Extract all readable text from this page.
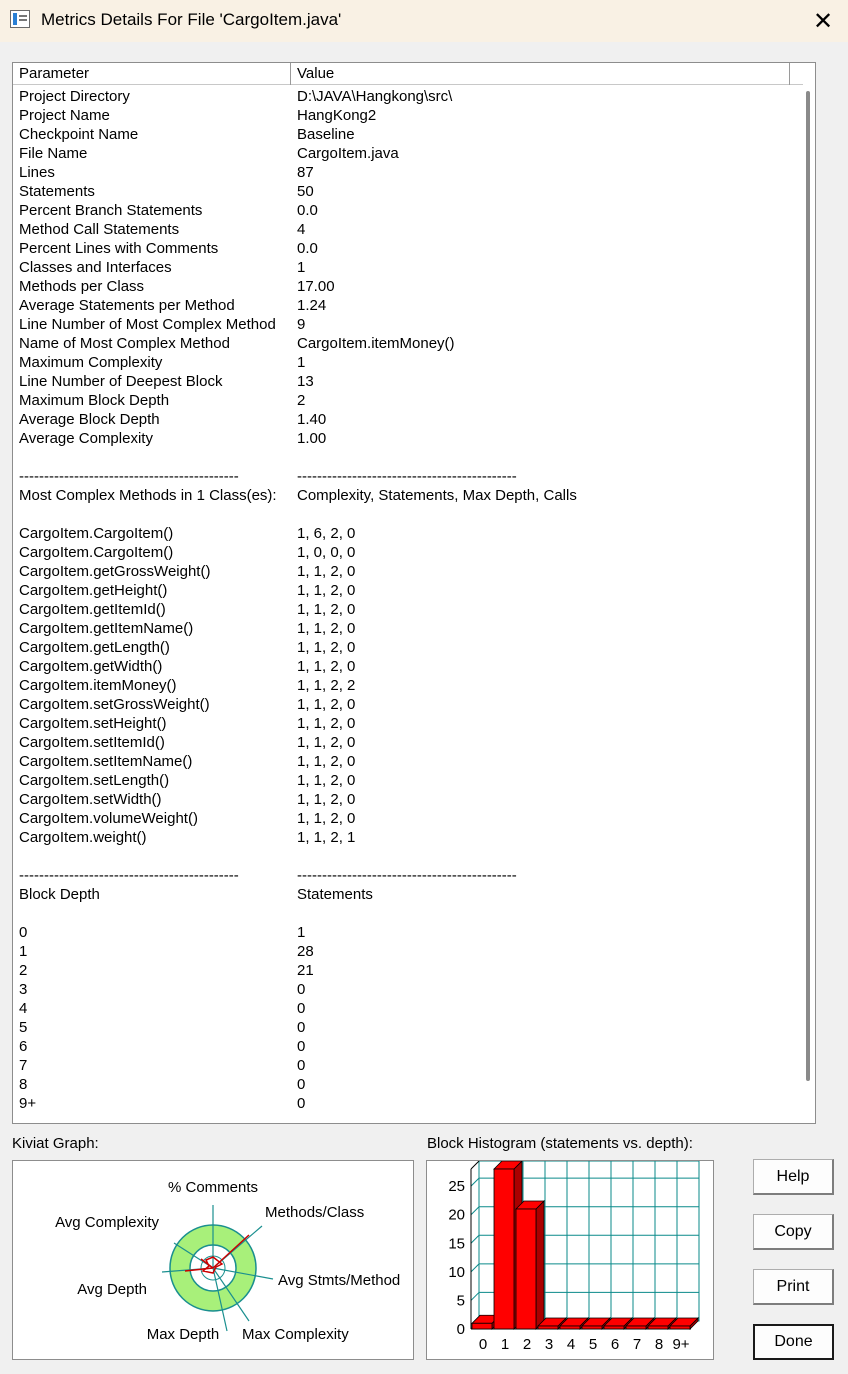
Metrics Details For File 'CargoItem.java'	✕
Parameter	Value
Project Directory	D:\JAVA\Hangkong\src\
Project Name	HangKong2
Checkpoint Name	Baseline
File Name	CargoItem.java
Lines	87
Statements	50
Percent Branch Statements	0.0
Method Call Statements	4
Percent Lines with Comments	0.0
Classes and Interfaces	1
Methods per Class	17.00
Average Statements per Method	1.24
Line Number of Most Complex Method 9
Name of Most Complex Method	CargoItem.itemMoney()
Maximum Complexity	1
Line Number of Deepest Block	13
Maximum Block Depth	2
Average Block Depth	1.40
Average Complexity	1.00
--------------------------------------------	--------------------------------------------
Most Complex Methods in 1 Class(es): Complexity, Statements, Max Depth, Calls
CargoItem.CargoItem()	1, 6, 2, 0
CargoItem.CargoItem()	1, 0, 0, 0
CargoItem.getGrossWeight()	1, 1, 2, 0
CargoItem.getHeight()	1, 1, 2, 0
CargoItem.getItemId()	1, 1, 2, 0
CargoItem.getItemName()	1, 1, 2, 0
CargoItem.getLength()	1, 1, 2, 0
CargoItem.getWidth()	1, 1, 2, 0
CargoItem.itemMoney()	1, 1, 2, 2
CargoItem.setGrossWeight()	1, 1, 2, 0
CargoItem.setHeight()	1, 1, 2, 0
CargoItem.setItemId()	1, 1, 2, 0
CargoItem.setItemName()	1, 1, 2, 0
CargoItem.setLength()	1, 1, 2, 0
CargoItem.setWidth()	1, 1, 2, 0
CargoItem.volumeWeight()	1, 1, 2, 0
CargoItem.weight()	1, 1, 2, 1
--------------------------------------------	--------------------------------------------
Block Depth	Statements
0	1
1	28
2	21
3	0
4	0
5	0
6	0
7	0
8	0
9+	0
Kiviat Graph:	Block Histogram (statements vs. depth):
% Comments
Methods/Class
Avg Stmts/Method
Max Complexity
Max Depth
Avg Depth
Avg Complexity
0
5
10
15
20
25
0 1 2 3 4 5 6 7 8 9+
Help
Copy
Print
Done
